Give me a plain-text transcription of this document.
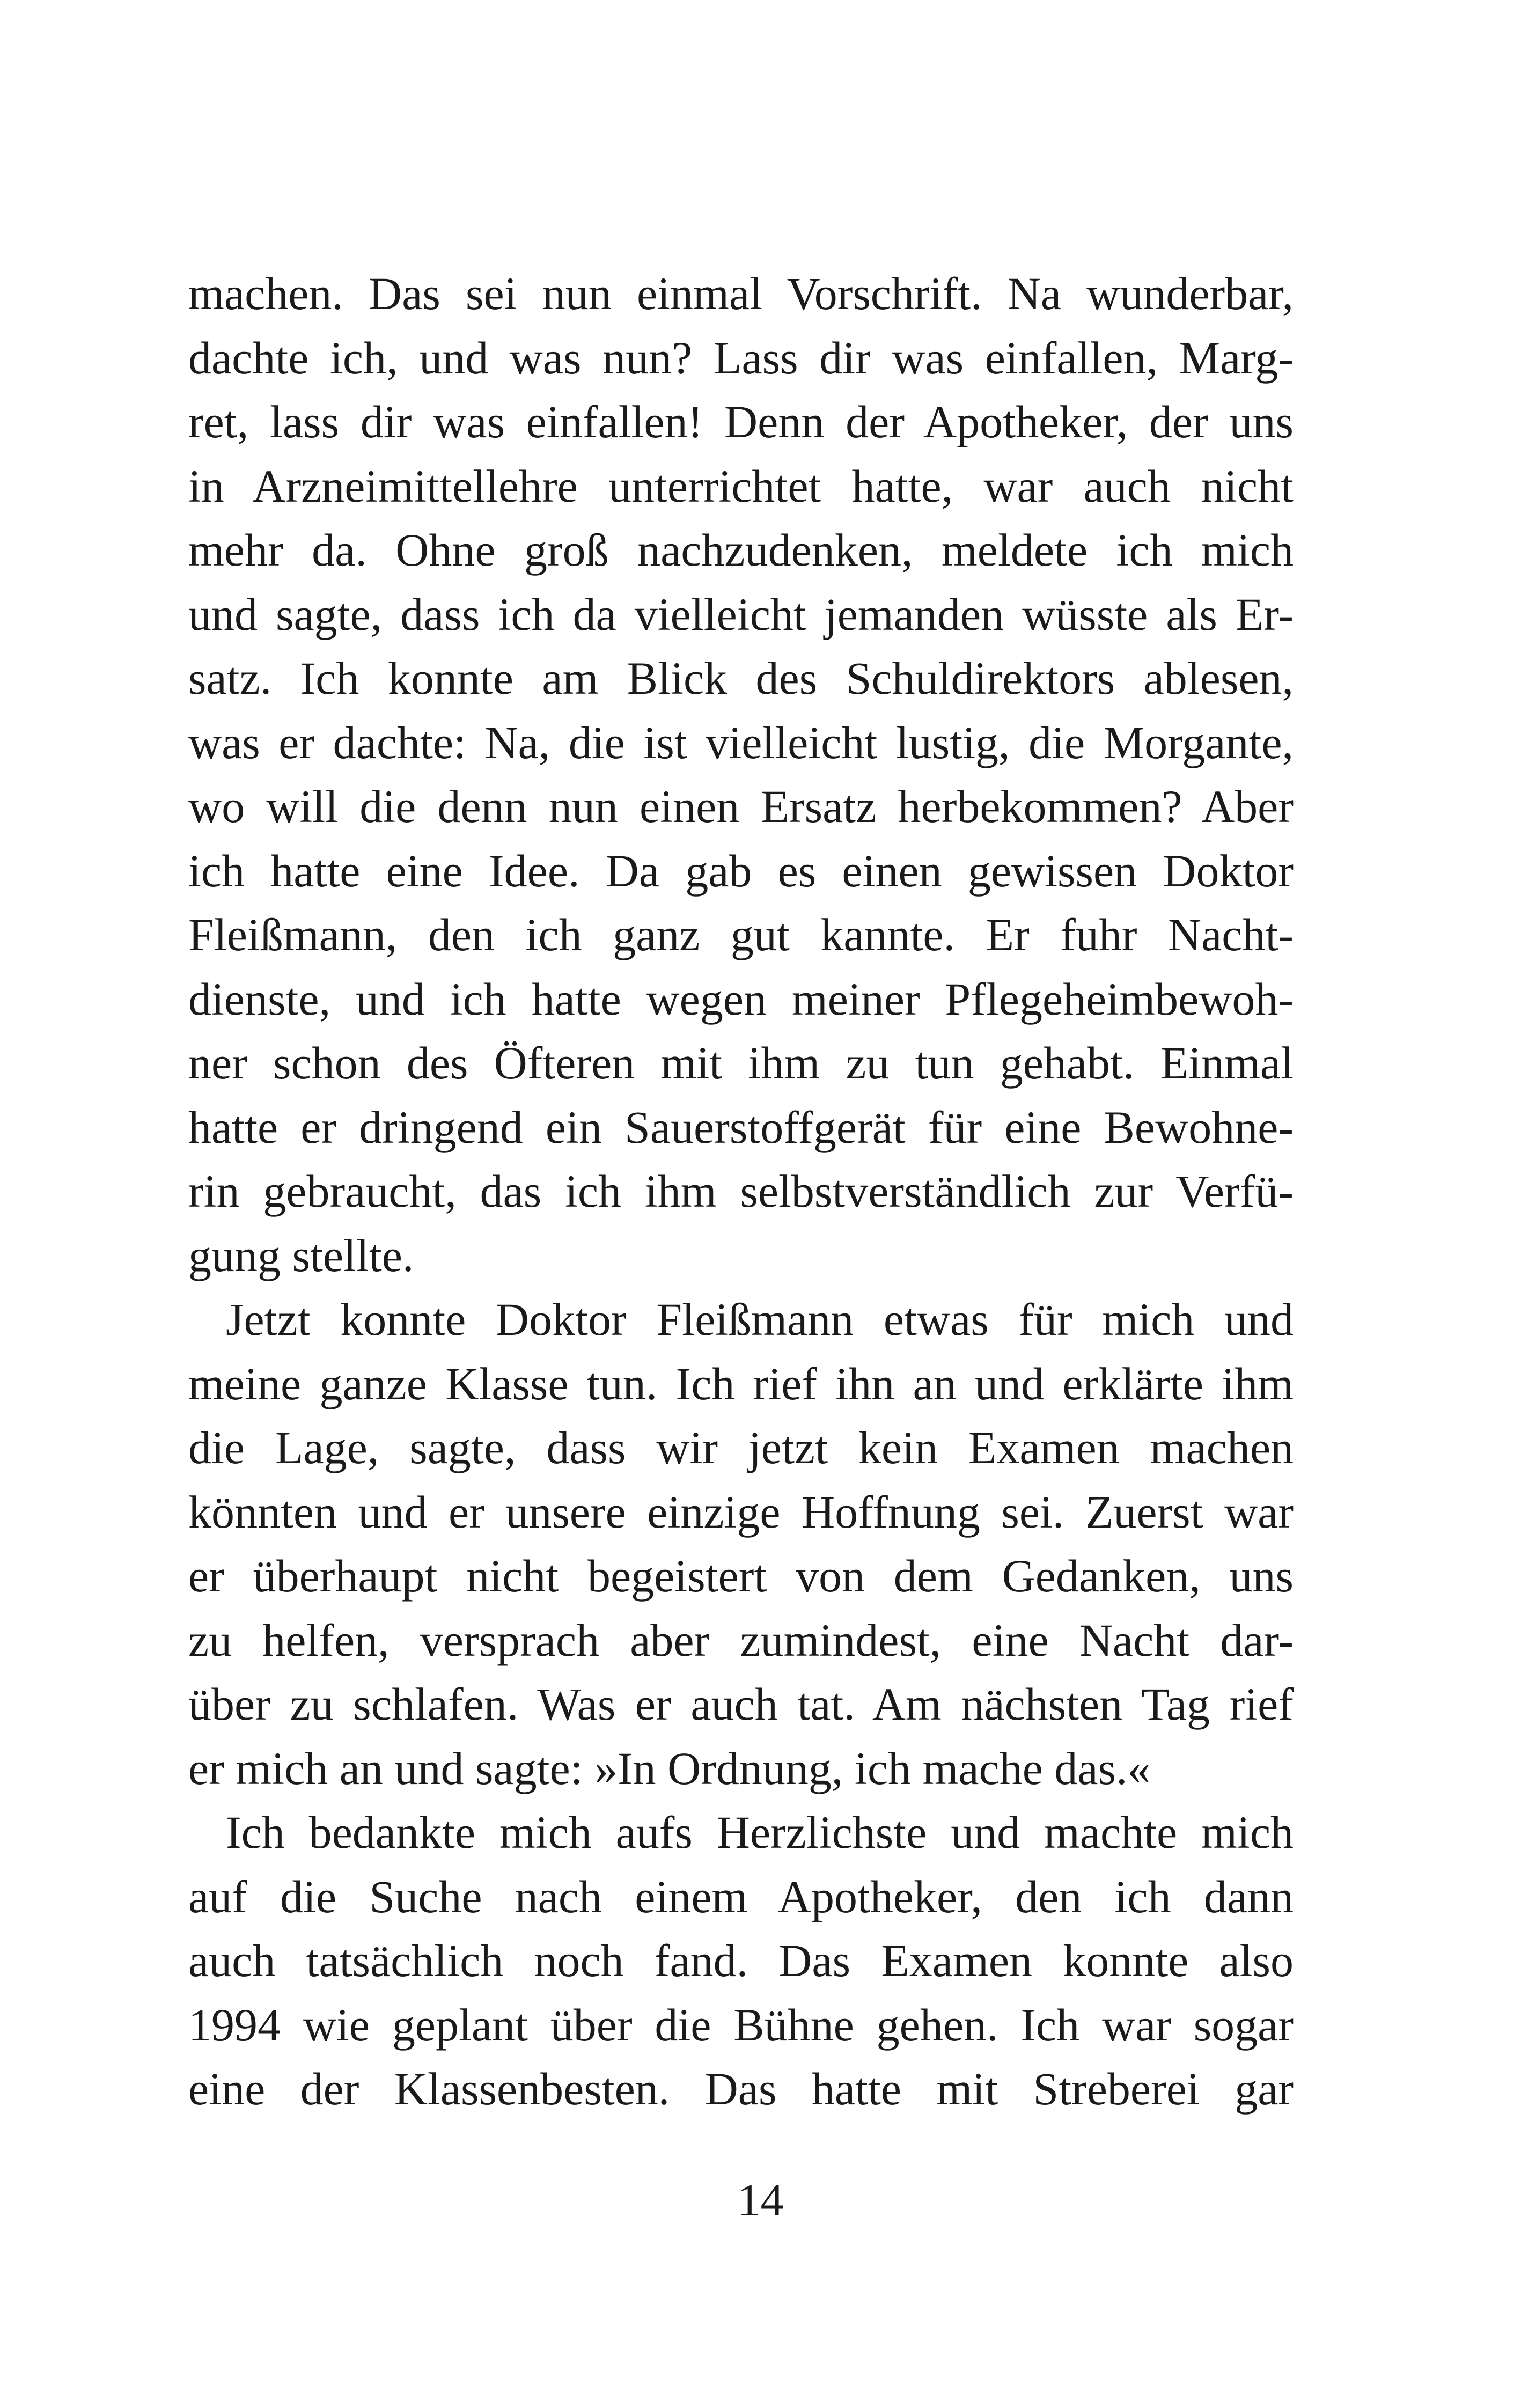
machen. Das sei nun einmal Vorschrift. Na wunderbar,
dachte ich, und was nun? Lass dir was einfallen, Marg-
ret, lass dir was einfallen! Denn der Apotheker, der uns
in Arzneimittellehre unterrichtet hatte, war auch nicht
mehr da. Ohne groß nachzudenken, meldete ich mich
und sagte, dass ich da vielleicht jemanden wüsste als Er-
satz. Ich konnte am Blick des Schuldirektors ablesen,
was er dachte: Na, die ist vielleicht lustig, die Morgante,
wo will die denn nun einen Ersatz herbekommen? Aber
ich hatte eine Idee. Da gab es einen gewissen Doktor
Fleißmann, den ich ganz gut kannte. Er fuhr Nacht-
dienste, und ich hatte wegen meiner Pflegeheimbewoh-
ner schon des Öfteren mit ihm zu tun gehabt. Einmal
hatte er dringend ein Sauerstoffgerät für eine Bewohne-
rin gebraucht, das ich ihm selbstverständlich zur Verfü-
gung stellte.
Jetzt konnte Doktor Fleißmann etwas für mich und
meine ganze Klasse tun. Ich rief ihn an und erklärte ihm
die Lage, sagte, dass wir jetzt kein Examen machen
könnten und er unsere einzige Hoffnung sei. Zuerst war
er überhaupt nicht begeistert von dem Gedanken, uns
zu helfen, versprach aber zumindest, eine Nacht dar-
über zu schlafen. Was er auch tat. Am nächsten Tag rief
er mich an und sagte: »In Ordnung, ich mache das.«
Ich bedankte mich aufs Herzlichste und machte mich
auf die Suche nach einem Apotheker, den ich dann
auch tatsächlich noch fand. Das Examen konnte also
1994 wie geplant über die Bühne gehen. Ich war sogar
eine der Klassenbesten. Das hatte mit Streberei gar
14
